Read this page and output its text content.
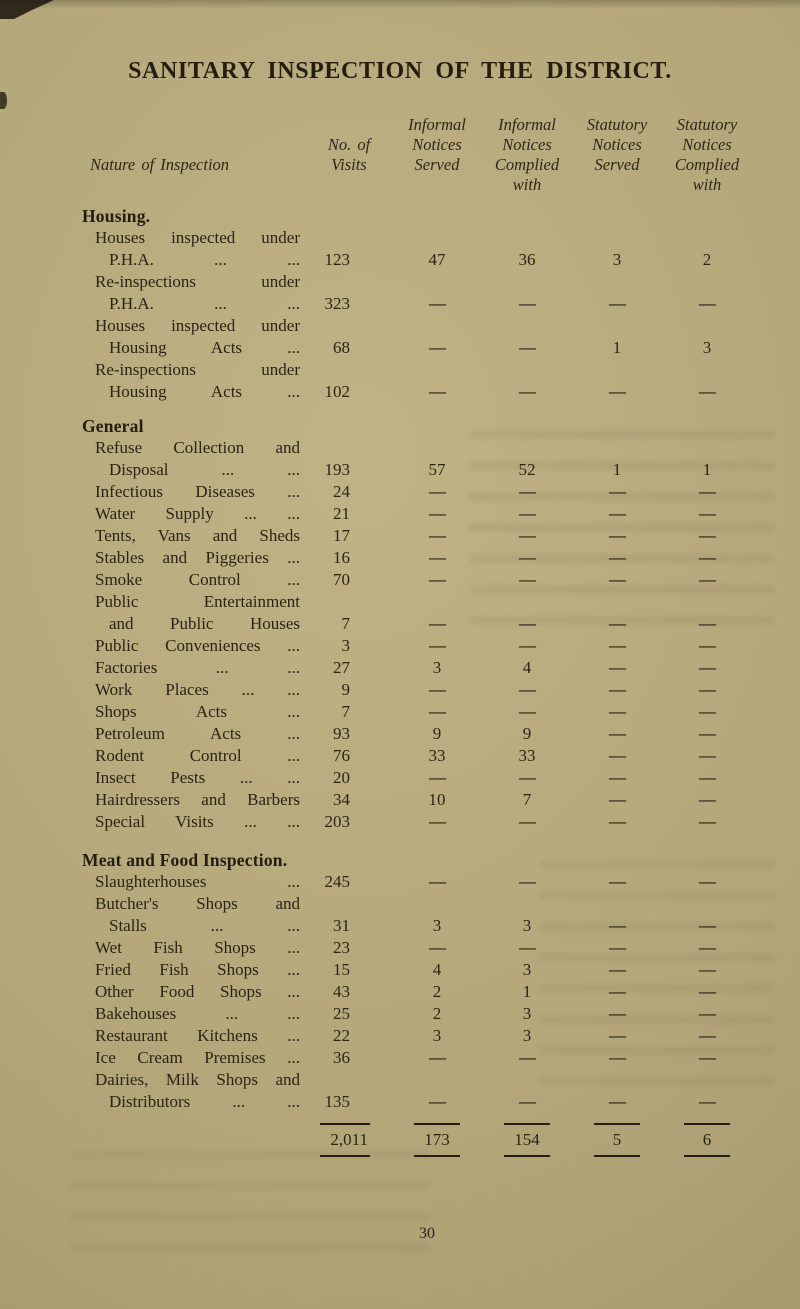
SANITARY INSPECTION OF THE DISTRICT.
Nature of Inspection
No. of
Visits
Informal
Notices
Served
Informal
Notices
Complied
with
Statutory
Notices
Served
Statutory
Notices
Complied
with
Housing.
Houses inspected under
P.H.A. ... ...	123	47	36	3	2
Re-inspections under
P.H.A. ... ...	323	—	—	—	—
Houses inspected under
Housing Acts ...	68	—	—	1	3
Re-inspections under
Housing Acts ...	102	—	—	—	—
General
Refuse Collection and
Disposal ... ...	193	57	52	1	1
Infectious Diseases ...	24	—	—	—	—
Water Supply ... ...	21	—	—	—	—
Tents, Vans and Sheds	17	—	—	—	—
Stables and Piggeries ...	16	—	—	—	—
Smoke Control ...	70	—	—	—	—
Public Entertainment
and Public Houses	7	—	—	—	—
Public Conveniences ...	3	—	—	—	—
Factories ... ...	27	3	4	—	—
Work Places ... ...	9	—	—	—	—
Shops Acts ...	7	—	—	—	—
Petroleum Acts ...	93	9	9	—	—
Rodent Control ...	76	33	33	—	—
Insect Pests ... ...	20	—	—	—	—
Hairdressers and Barbers	34	10	7	—	—
Special Visits ... ...	203	—	—	—	—
Meat and Food Inspection.
Slaughterhouses ...	245	—	—	—	—
Butcher's Shops and
Stalls ... ...	31	3	3	—	—
Wet Fish Shops ...	23	—	—	—	—
Fried Fish Shops ...	15	4	3	—	—
Other Food Shops ...	43	2	1	—	—
Bakehouses ... ...	25	2	3	—	—
Restaurant Kitchens ...	22	3	3	—	—
Ice Cream Premises ...	36	—	—	—	—
Dairies, Milk Shops and
Distributors ... ...	135	—	—	—	—
2,011	173	154	5	6
30
